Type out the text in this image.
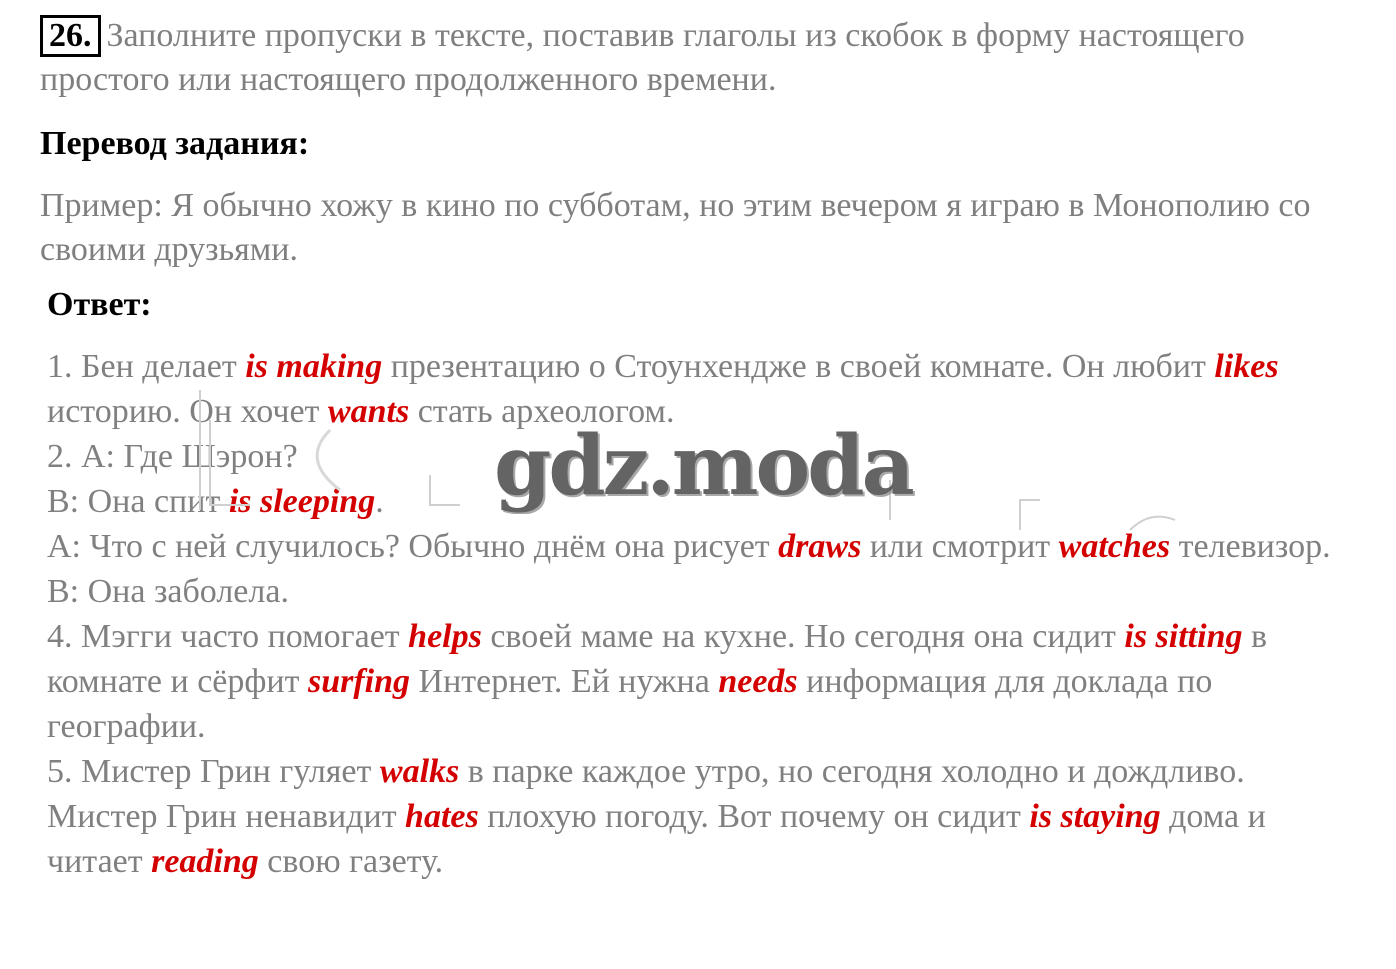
26. Заполните пропуски в тексте, поставив глаголы из скобок в форму настоящего простого или настоящего продолженного времени.
Перевод задания:
Пример: Я обычно хожу в кино по субботам, но этим вечером я играю в Монополию со своими друзьями.
Ответ:

1. Бен делает is making презентацию о Стоунхендже в своей комнате. Он любит likes историю. Он хочет wants стать археологом.

2. А: Где Шэрон?

В: Она спит is sleeping.

А: Что с ней случилось? Обычно днём она рисует draws или смотрит watches телевизор.

В: Она заболела.

4. Мэгги часто помогает helps своей маме на кухне. Но сегодня она сидит is sitting в комнате и сёрфит surfing Интернет. Ей нужна needs информация для доклада по географии.

5. Мистер Грин гуляет walks в парке каждое утро, но сегодня холодно и дождливо. Мистер Грин ненавидит hates плохую погоду. Вот почему он сидит is staying дома и читает reading свою газету.

gdz.moda
